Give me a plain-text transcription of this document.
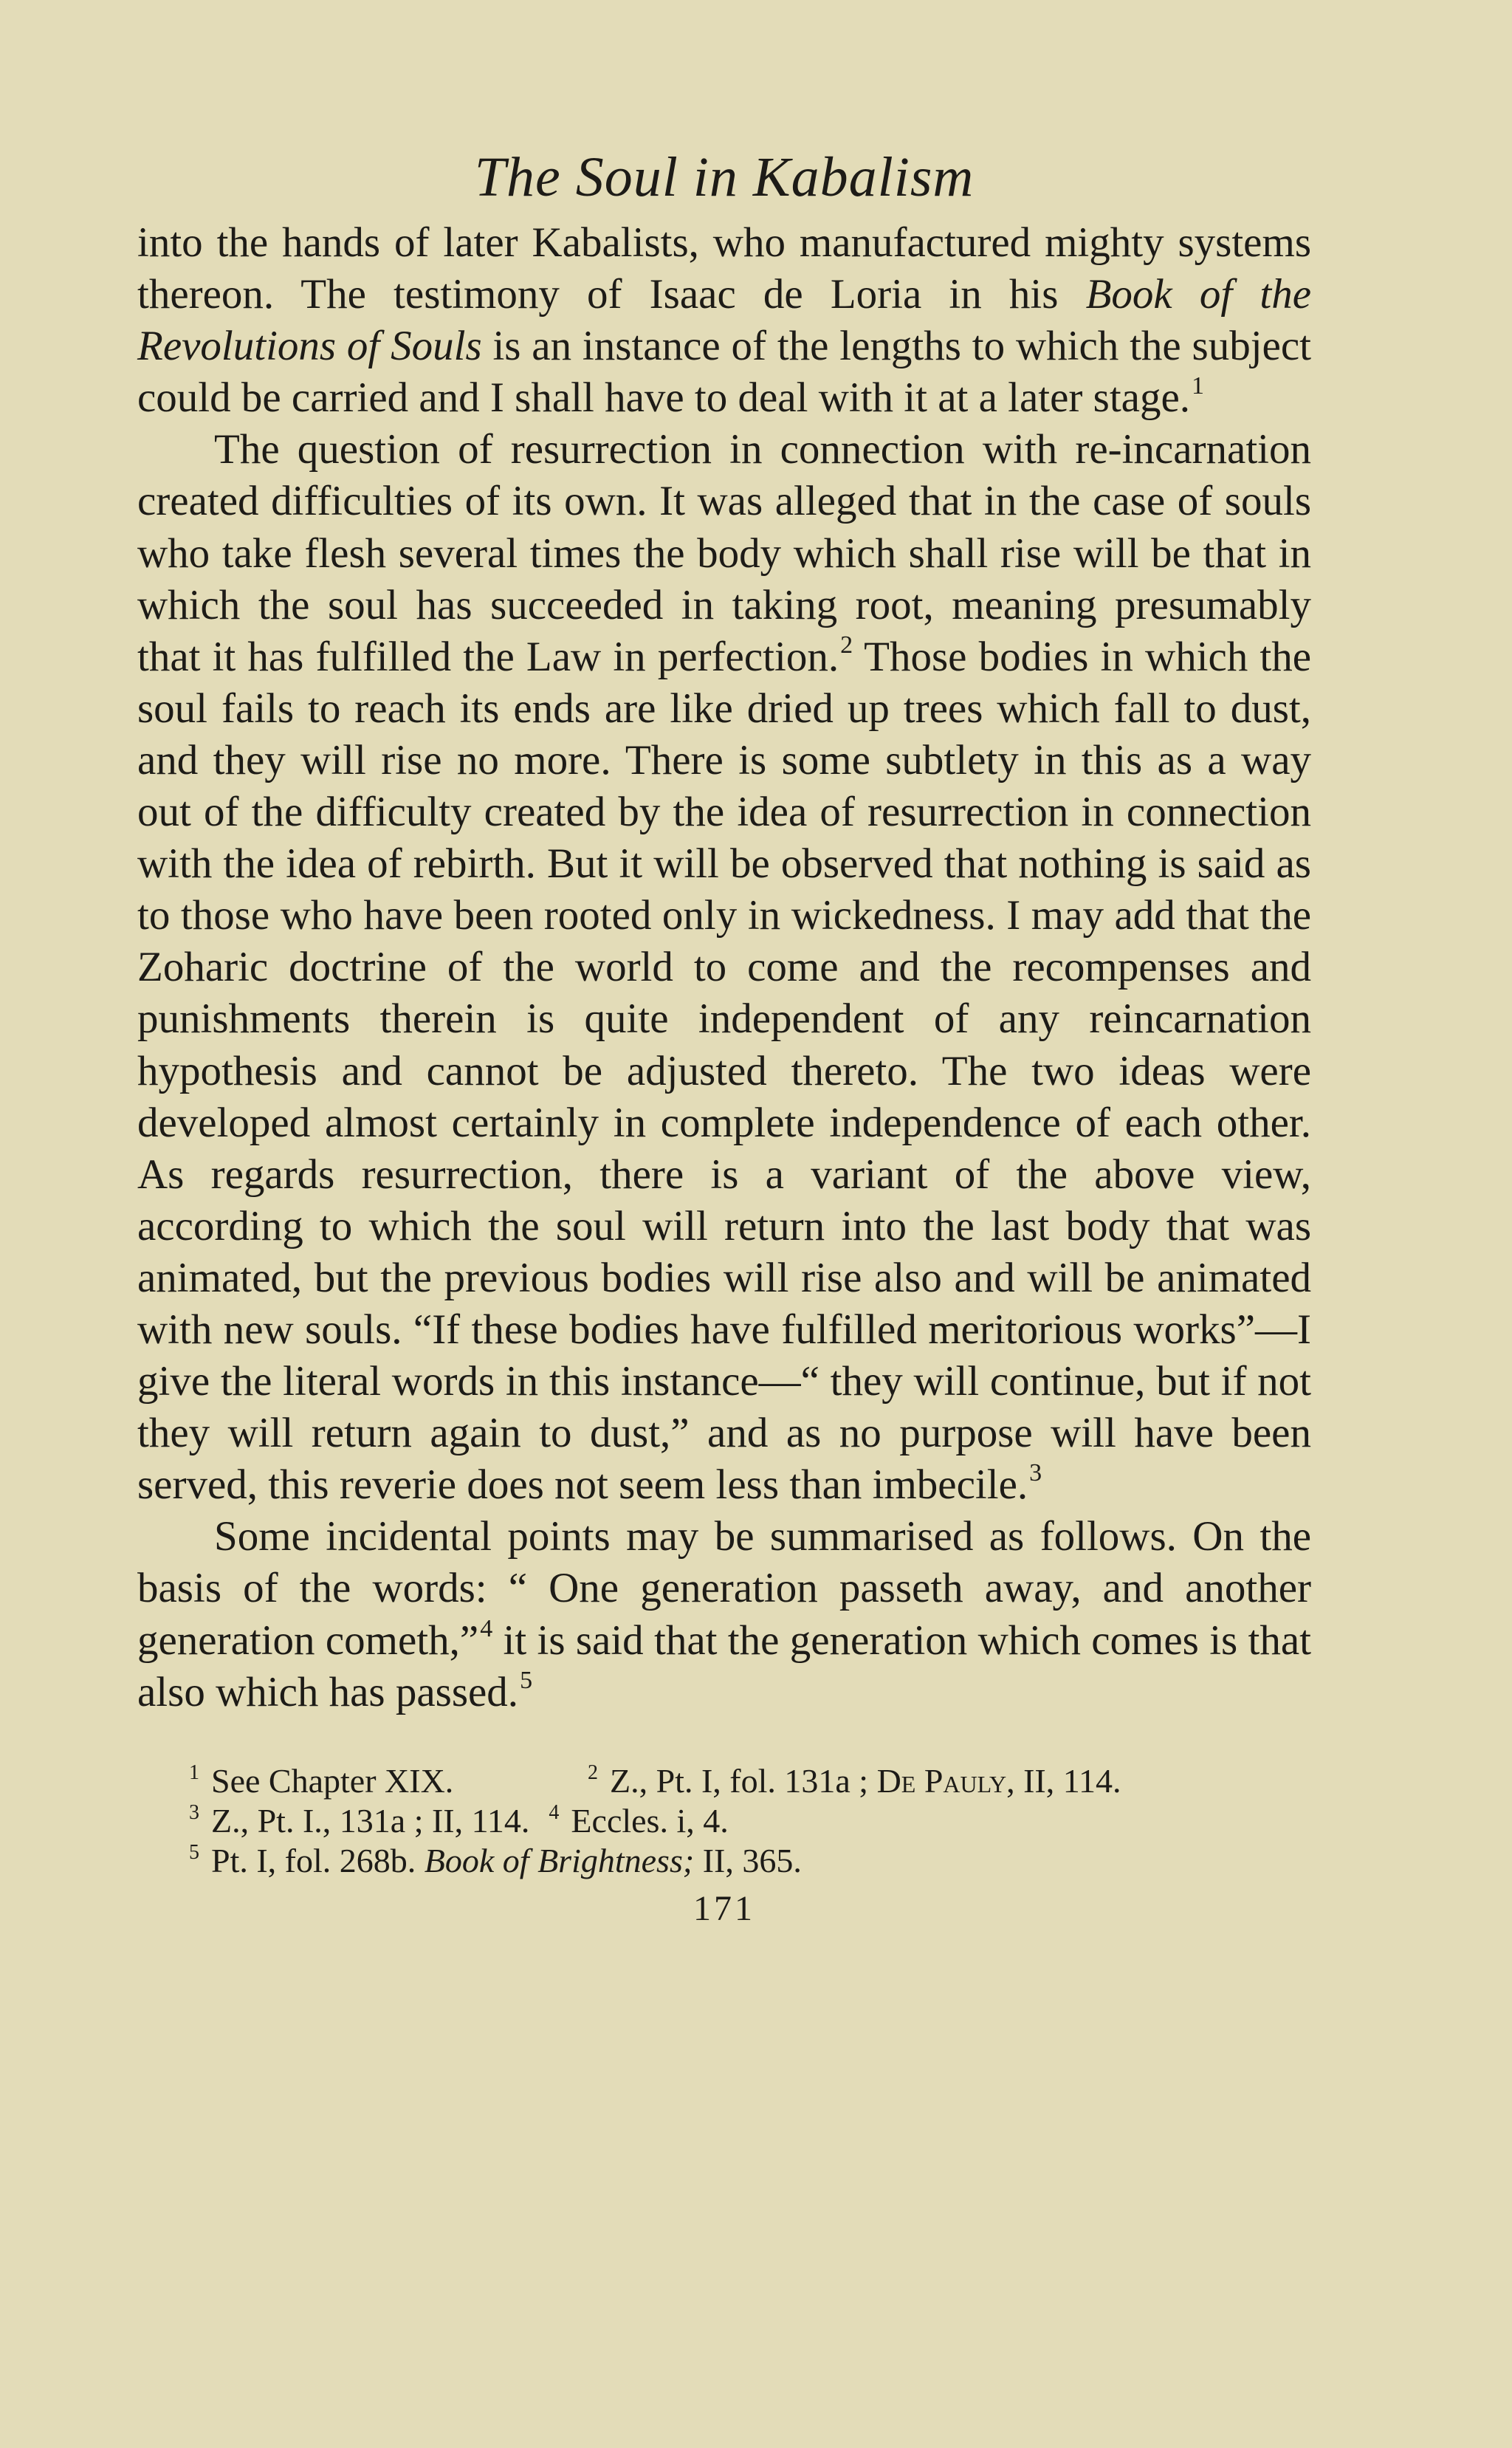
The Soul in Kabalism

into the hands of later Kabalists, who manufactured mighty systems thereon. The testimony of Isaac de Loria in his Book of the Revolutions of Souls is an instance of the lengths to which the subject could be carried and I shall have to deal with it at a later stage.$^1$

The question of resurrection in connection with re-incarnation created difficulties of its own. It was alleged that in the case of souls who take flesh several times the body which shall rise will be that in which the soul has succeeded in taking root, meaning presumably that it has fulfilled the Law in perfection.$^2$ Those bodies in which the soul fails to reach its ends are like dried up trees which fall to dust, and they will rise no more. There is some subtlety in this as a way out of the difficulty created by the idea of resurrection in connection with the idea of rebirth. But it will be observed that nothing is said as to those who have been rooted only in wickedness. I may add that the Zoharic doctrine of the world to come and the recompenses and punishments therein is quite independent of any reincarnation hypothesis and cannot be adjusted thereto. The two ideas were developed almost certainly in complete independence of each other. As regards resurrection, there is a variant of the above view, according to which the soul will return into the last body that was animated, but the previous bodies will rise also and will be animated with new souls. “If these bodies have fulfilled meritorious works”—I give the literal words in this instance—“ they will continue, but if not they will return again to dust,” and as no purpose will have been served, this reverie does not seem less than imbecile.$^3$

Some incidental points may be summarised as follows. On the basis of the words: “ One generation passeth away, and another generation cometh,”$^4$ it is said that the generation which comes is that also which has passed.$^5$

$^1$ See Chapter XIX.	$^2$ Z., Pt. I, fol. 131a ; De Pauly, II, 114.
$^3$ Z., Pt. I., 131a ; II, 114. $^4$ Eccles. i, 4.
$^5$ Pt. I, fol. 268b. Book of Brightness; II, 365.
171
